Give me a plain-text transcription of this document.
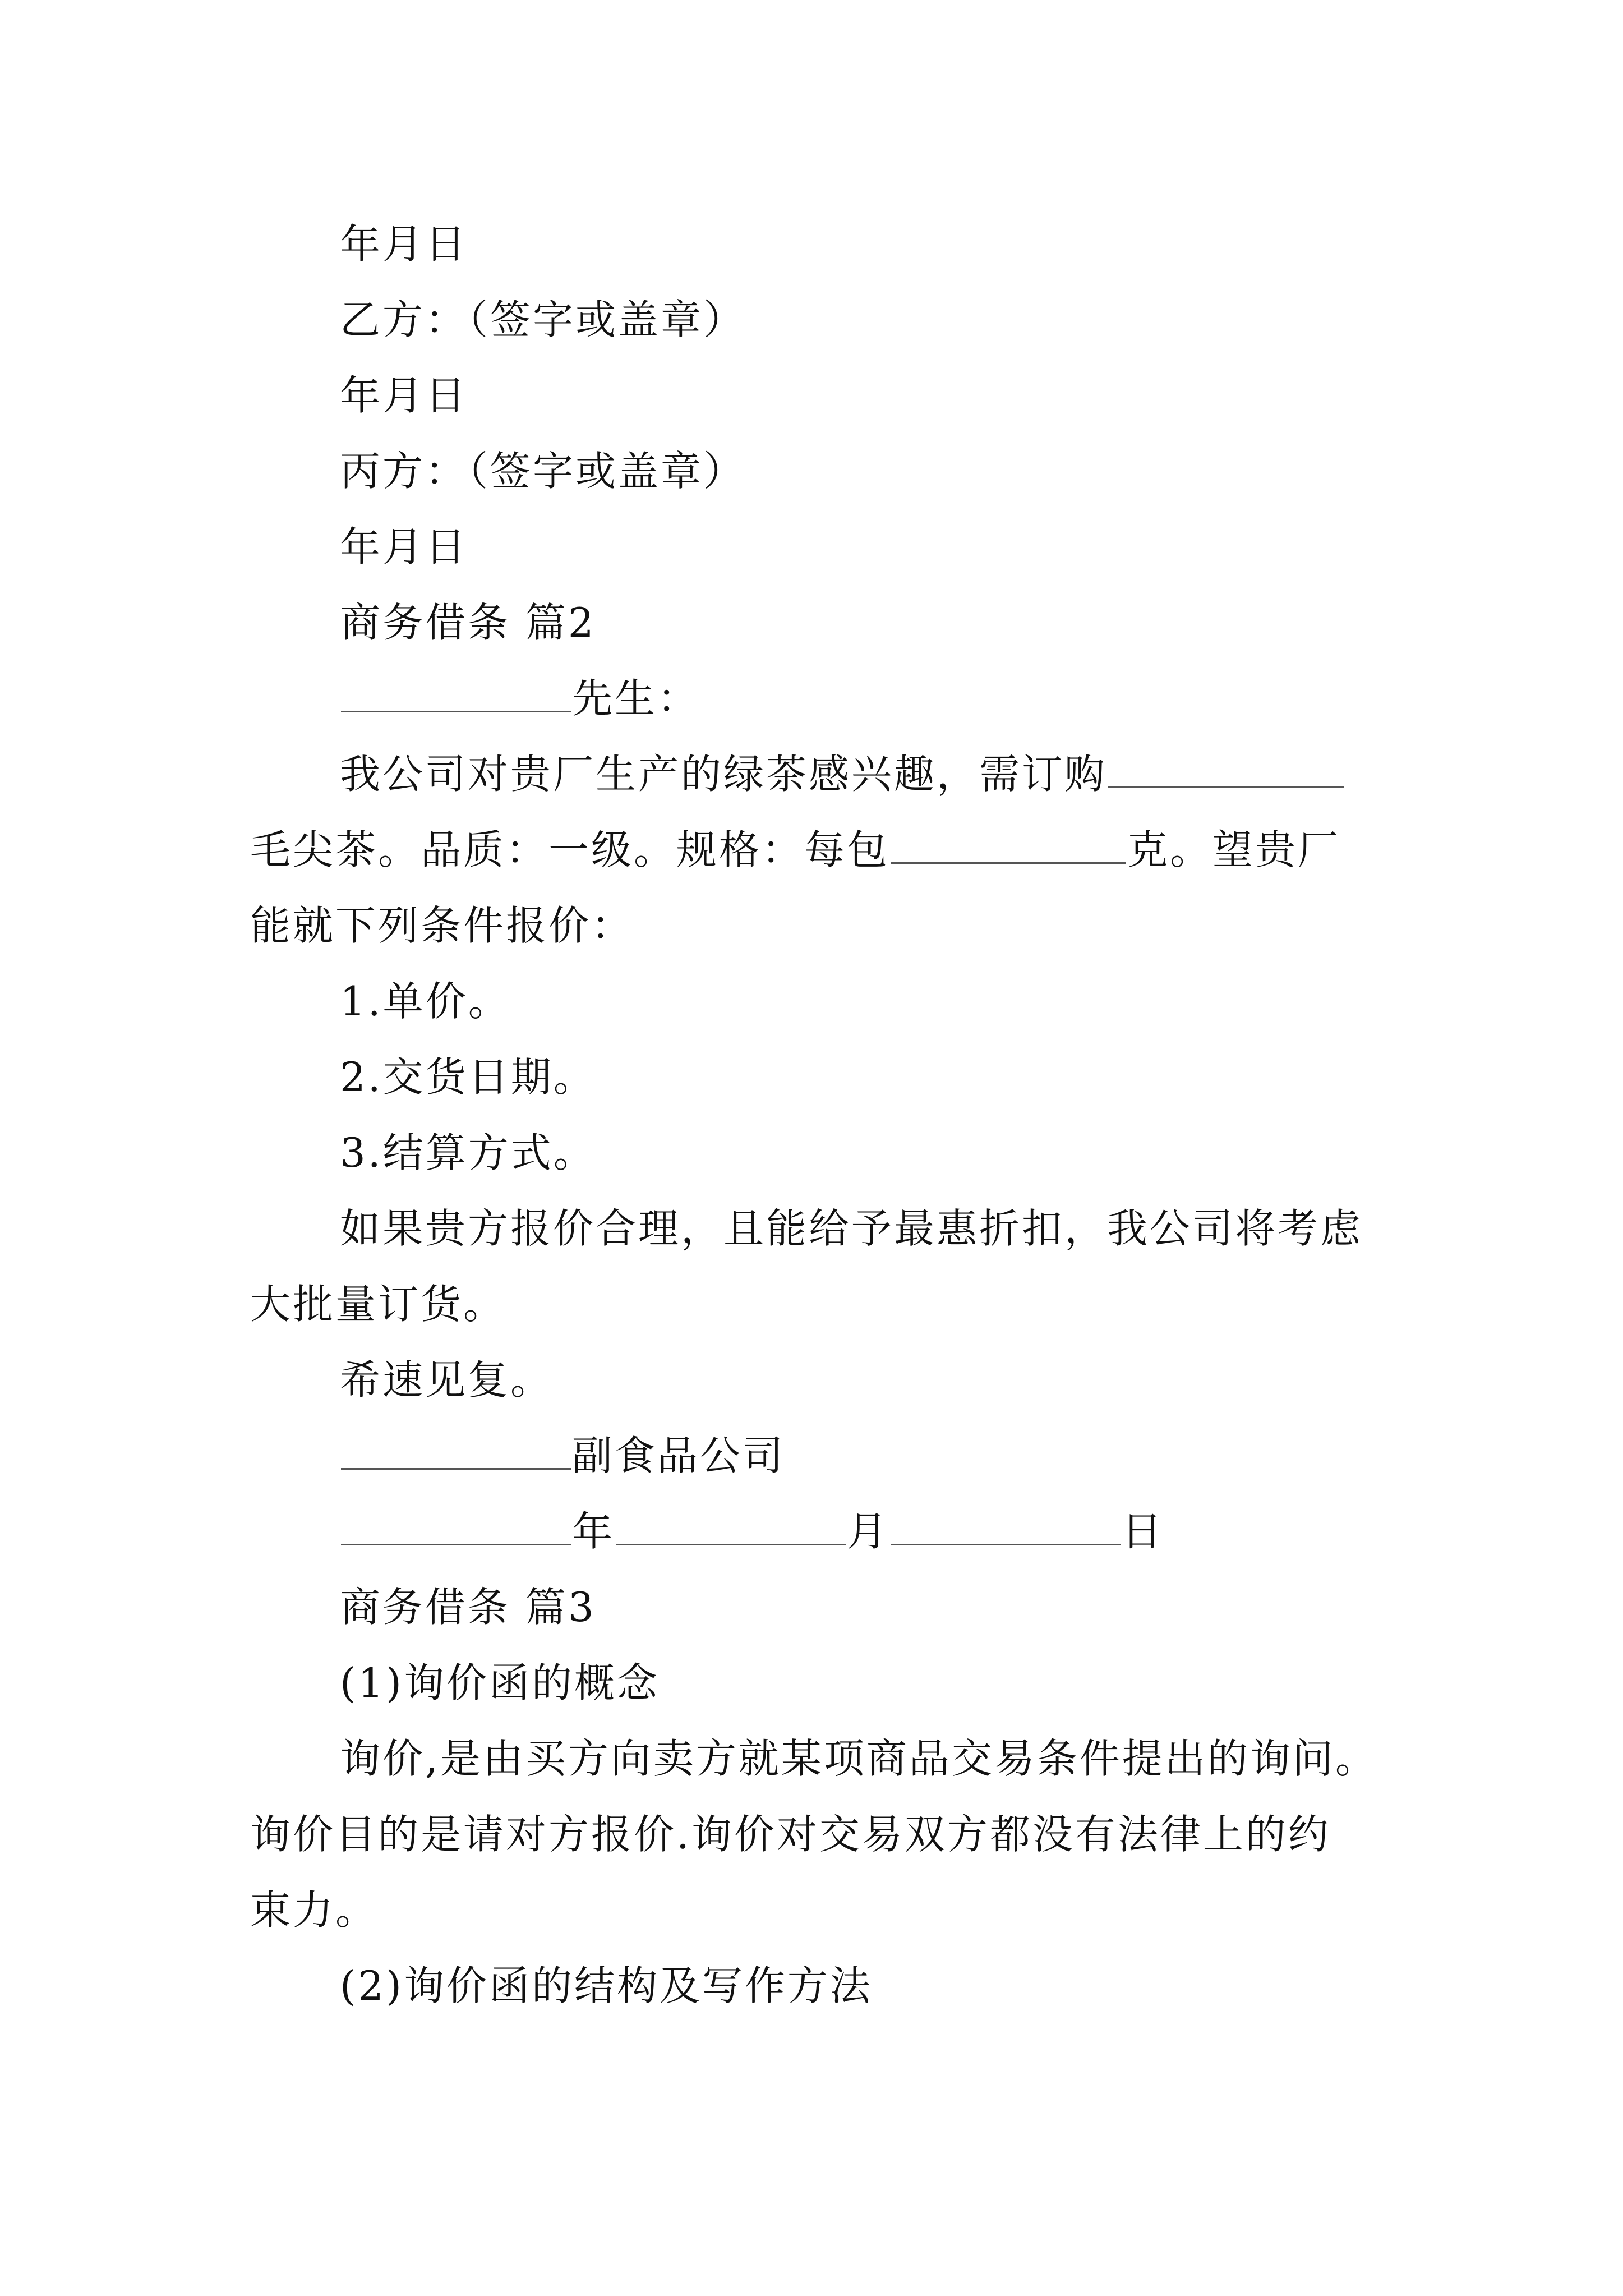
年月日
乙方：（签字或盖章）
年月日
丙方：（签字或盖章）
年月日
商务借条 篇2
先生：
我公司对贵厂生产的绿茶感兴趣，需订购
毛尖茶。品质：一级。规格：每包	克。望贵厂
能就下列条件报价：
1.单价。
2.交货日期。
3.结算方式。
如果贵方报价合理，且能给予最惠折扣，我公司将考虑
大批量订货。
希速见复。
副食品公司
年	月	日
商务借条 篇3
(1)询价函的概念
询价,是由买方向卖方就某项商品交易条件提出的询问。
询价目的是请对方报价.询价对交易双方都没有法律上的约
束力。
(2)询价函的结构及写作方法
